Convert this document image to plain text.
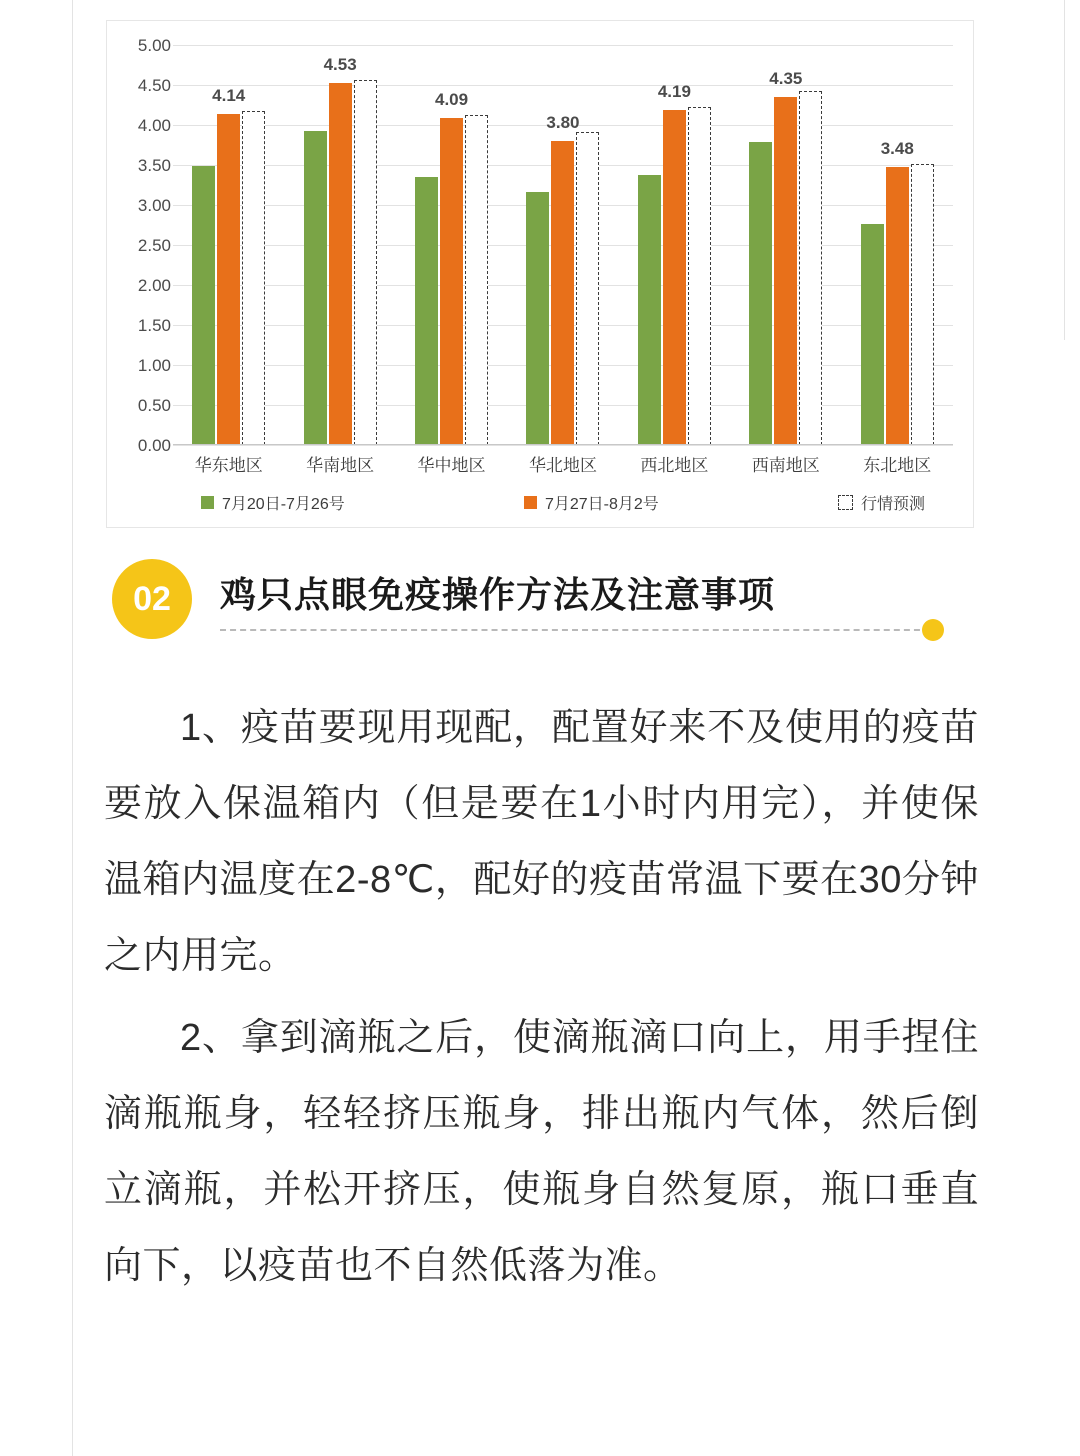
0.00
0.50
1.00
1.50
2.00
2.50
3.00
3.50
4.00
4.50
5.00
4.14
4.53
4.09
3.80
4.19
4.35
3.48
华东地区	华南地区	华中地区	华北地区	西北地区	西南地区	东北地区
7月20日-7月26号	7月27日-8月2号	行情预测
02	鸡只点眼免疫操作方法及注意事项

1、疫苗要现用现配，配置好来不及使用的疫苗要放入保温箱内（但是要在1小时内用完），并使保温箱内温度在2-8℃，配好的疫苗常温下要在30分钟之内用完。

2、拿到滴瓶之后，使滴瓶滴口向上，用手捏住滴瓶瓶身，轻轻挤压瓶身，排出瓶内气体，然后倒立滴瓶，并松开挤压，使瓶身自然复原，瓶口垂直向下，以疫苗也不自然低落为准。
